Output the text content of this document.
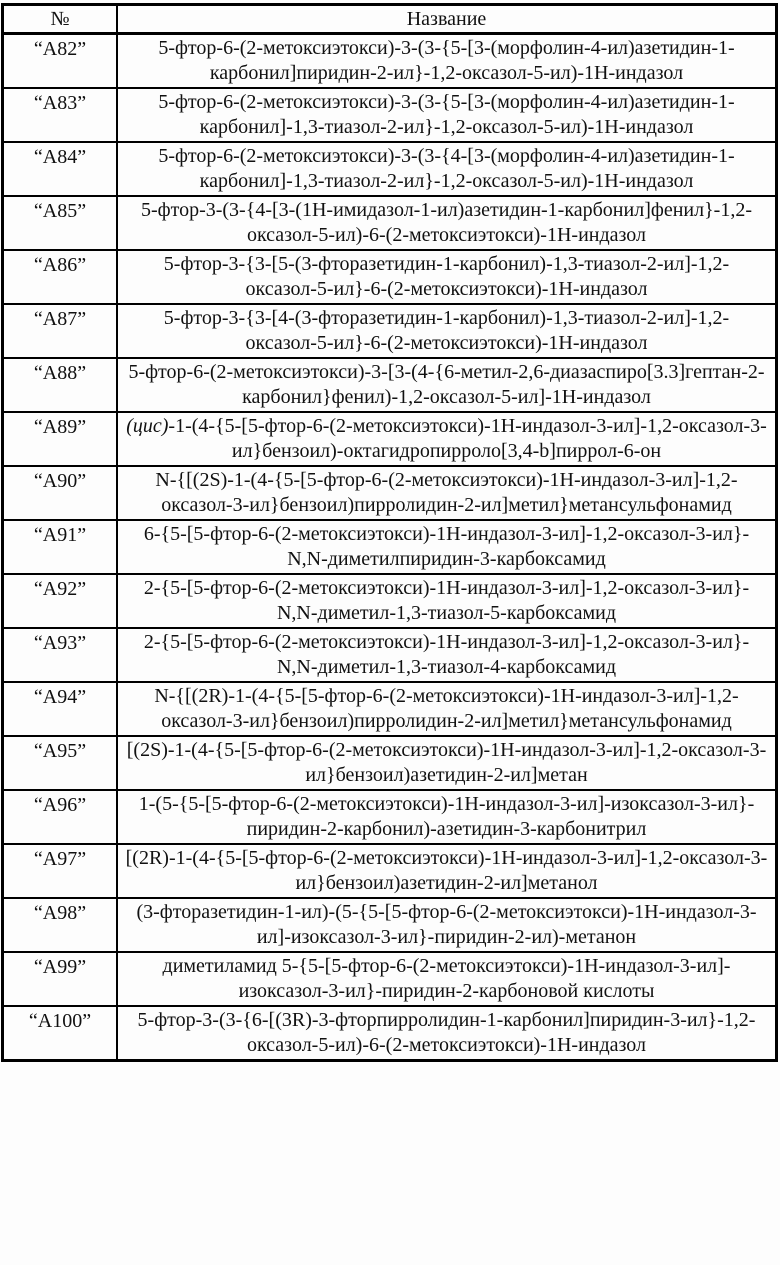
№	Название
“A82”	5-фтор-6-(2-метоксиэтокси)-3-(3-{5-[3-(морфолин-4-ил)азетидин-1-карбонил]пиридин-2-ил}-1,2-оксазол-5-ил)-1H-индазол
“A83”	5-фтор-6-(2-метоксиэтокси)-3-(3-{5-[3-(морфолин-4-ил)азетидин-1-карбонил]-1,3-тиазол-2-ил}-1,2-оксазол-5-ил)-1H-индазол
“A84”	5-фтор-6-(2-метоксиэтокси)-3-(3-{4-[3-(морфолин-4-ил)азетидин-1-карбонил]-1,3-тиазол-2-ил}-1,2-оксазол-5-ил)-1H-индазол
“A85”	5-фтор-3-(3-{4-[3-(1H-имидазол-1-ил)азетидин-1-карбонил]фенил}-1,2-оксазол-5-ил)-6-(2-метоксиэтокси)-1H-индазол
“A86”	5-фтор-3-{3-[5-(3-фторазетидин-1-карбонил)-1,3-тиазол-2-ил]-1,2-оксазол-5-ил}-6-(2-метоксиэтокси)-1H-индазол
“A87”	5-фтор-3-{3-[4-(3-фторазетидин-1-карбонил)-1,3-тиазол-2-ил]-1,2-оксазол-5-ил}-6-(2-метоксиэтокси)-1H-индазол
“A88”	5-фтор-6-(2-метоксиэтокси)-3-[3-(4-{6-метил-2,6-диазаспиро[3.3]гептан-2-карбонил}фенил)-1,2-оксазол-5-ил]-1H-индазол
“A89”	(цис)-1-(4-{5-[5-фтор-6-(2-метоксиэтокси)-1H-индазол-3-ил]-1,2-оксазол-3-ил}бензоил)-октагидропирроло[3,4-b]пиррол-6-он
“A90”	N-{[(2S)-1-(4-{5-[5-фтор-6-(2-метоксиэтокси)-1H-индазол-3-ил]-1,2-оксазол-3-ил}бензоил)пирролидин-2-ил]метил}метансульфонамид
“A91”	6-{5-[5-фтор-6-(2-метоксиэтокси)-1H-индазол-3-ил]-1,2-оксазол-3-ил}-N,N-диметилпиридин-3-карбоксамид
“A92”	2-{5-[5-фтор-6-(2-метоксиэтокси)-1H-индазол-3-ил]-1,2-оксазол-3-ил}-N,N-диметил-1,3-тиазол-5-карбоксамид
“A93”	2-{5-[5-фтор-6-(2-метоксиэтокси)-1H-индазол-3-ил]-1,2-оксазол-3-ил}-N,N-диметил-1,3-тиазол-4-карбоксамид
“A94”	N-{[(2R)-1-(4-{5-[5-фтор-6-(2-метоксиэтокси)-1H-индазол-3-ил]-1,2-оксазол-3-ил}бензоил)пирролидин-2-ил]метил}метансульфонамид
“A95”	[(2S)-1-(4-{5-[5-фтор-6-(2-метоксиэтокси)-1H-индазол-3-ил]-1,2-оксазол-3-ил}бензоил)азетидин-2-ил]метан
“A96”	1-(5-{5-[5-фтор-6-(2-метоксиэтокси)-1H-индазол-3-ил]-изоксазол-3-ил}-пиридин-2-карбонил)-азетидин-3-карбонитрил
“A97”	[(2R)-1-(4-{5-[5-фтор-6-(2-метоксиэтокси)-1H-индазол-3-ил]-1,2-оксазол-3-ил}бензоил)азетидин-2-ил]метанол
“A98”	(3-фторазетидин-1-ил)-(5-{5-[5-фтор-6-(2-метоксиэтокси)-1H-индазол-3-ил]-изоксазол-3-ил}-пиридин-2-ил)-метанон
“A99”	диметиламид 5-{5-[5-фтор-6-(2-метоксиэтокси)-1H-индазол-3-ил]-изоксазол-3-ил}-пиридин-2-карбоновой кислоты
“A100”	5-фтор-3-(3-{6-[(3R)-3-фторпирролидин-1-карбонил]пиридин-3-ил}-1,2-оксазол-5-ил)-6-(2-метоксиэтокси)-1H-индазол
